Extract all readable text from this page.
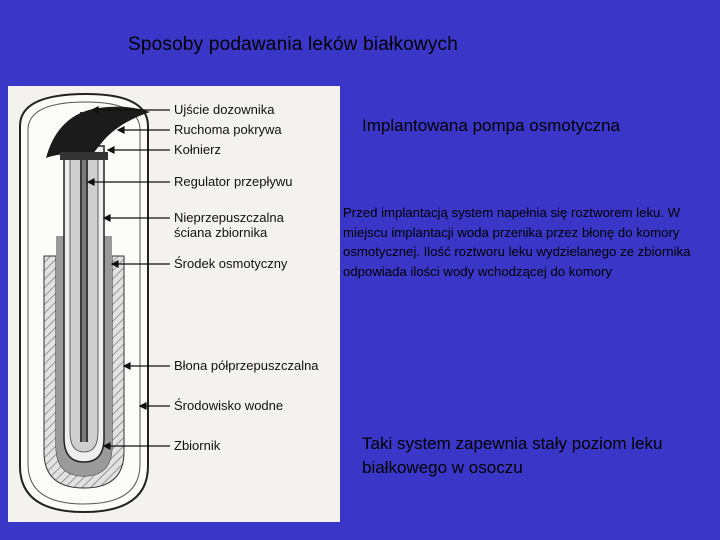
Sposoby podawania leków białkowych
Ujście dozownika
Ruchoma pokrywa
Kołnierz
Regulator przepływu
Nieprzepuszczalna
ściana zbiornika
Środek osmotyczny
Błona półprzepuszczalna
Środowisko wodne
Zbiornik
Implantowana pompa osmotyczna
Przed implantacją system napełnia się roztworem leku. W miejscu implantacji woda przenika przez błonę do komory osmotycznej. Ilość roztworu leku wydzielanego ze zbiornika odpowiada ilości wody wchodzącej do komory
Taki system zapewnia stały poziom leku białkowego w osoczu
